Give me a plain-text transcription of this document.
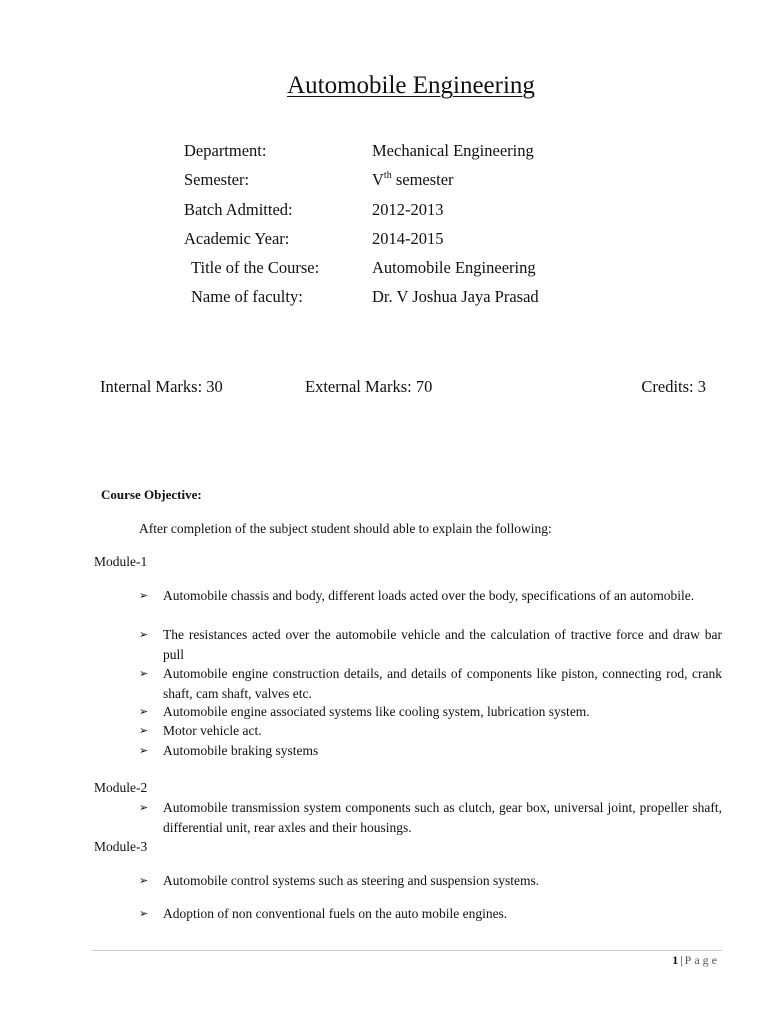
Automobile Engineering
Department:	Mechanical Engineering
Semester:	Vth semester
Batch Admitted:	2012-2013
Academic Year:	2014-2015
Title of the Course:	Automobile Engineering
Name of faculty:	Dr. V Joshua Jaya Prasad
Internal Marks: 30	External Marks: 70	Credits: 3
Course Objective:
After completion of the subject student should able to explain the following:
Module-1
➢ Automobile chassis and body, different loads acted over the body, specifications of an automobile.
➢ The resistances acted over the automobile vehicle and the calculation of tractive force and draw bar pull
➢ Automobile engine construction details, and details of components like piston, connecting rod, crank shaft, cam shaft, valves etc.
➢ Automobile engine associated systems like cooling system, lubrication system.
➢ Motor vehicle act.
➢ Automobile braking systems
Module-2
➢ Automobile transmission system components such as clutch, gear box, universal joint, propeller shaft, differential unit, rear axles and their housings.
Module-3
➢ Automobile control systems such as steering and suspension systems.
➢ Adoption of non conventional fuels on the auto mobile engines.
1 | Page
